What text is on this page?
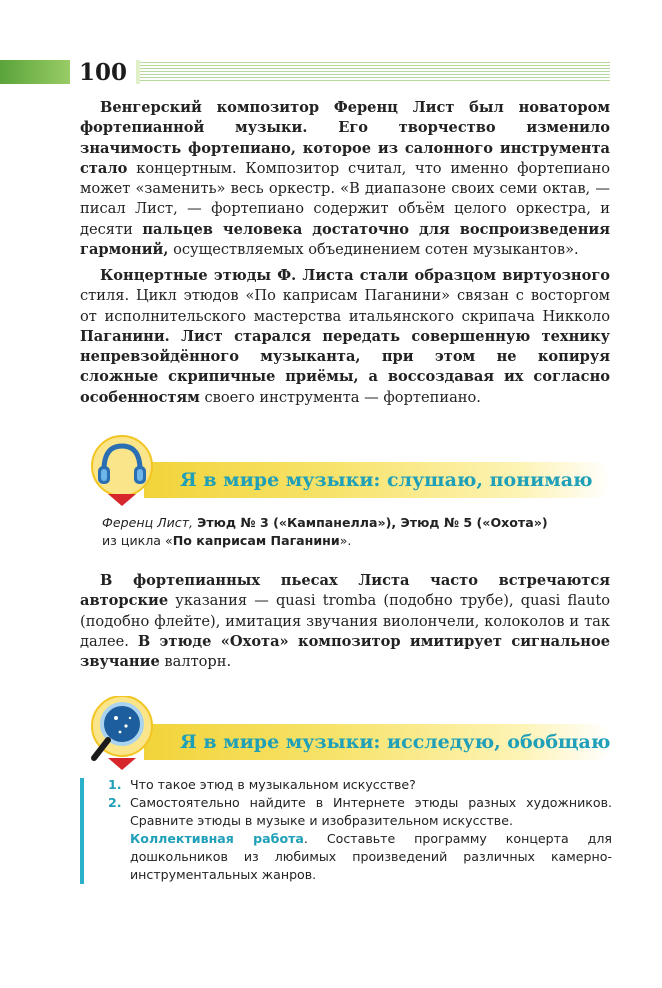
100

Венгерский композитор Ференц Лист был новатором фортепианной музыки. Его творчество изменило значимость фортепиано, которое из салонного инструмента стало концертным. Композитор считал, что именно фортепиано может «заменить» весь оркестр. «В диапазоне своих семи октав, — писал Лист, — фортепиано содержит объём целого оркестра, и десяти пальцев человека достаточно для воспроизведения гармоний, осуществляемых объединением сотен музыкантов».

Концертные этюды Ф. Листа стали образцом виртуозного стиля. Цикл этюдов «По каприсам Паганини» связан с восторгом от исполнительского мастерства итальянского скрипача Никколо Паганини. Лист старался передать совершенную технику непревзойдённого музыканта, при этом не копируя сложные скрипичные приёмы, а воссоздавая их согласно особенностям своего инструмента — фортепиано.

Я в мире музыки: слушаю, понимаю
Ференц Лист, Этюд № 3 («Кампанелла»), Этюд № 5 («Охота»)
из цикла «По каприсам Паганини».

В фортепианных пьесах Листа часто встречаются авторские указания — quasi tromba (подобно трубе), quasi flauto (подобно флейте), имитация звучания виолончели, колоколов и так далее. В этюде «Охота» композитор имитирует сигнальное звучание валторн.

Я в мире музыки: исследую, обобщаю
1. Что такое этюд в музыкальном искусстве?
2. Самостоятельно найдите в Интернете этюды разных художников. Сравните этюды в музыке и изобразительном искусстве.
Коллективная работа. Составьте программу концерта для дошкольников из любимых произведений различных камерно-инструментальных жанров.
